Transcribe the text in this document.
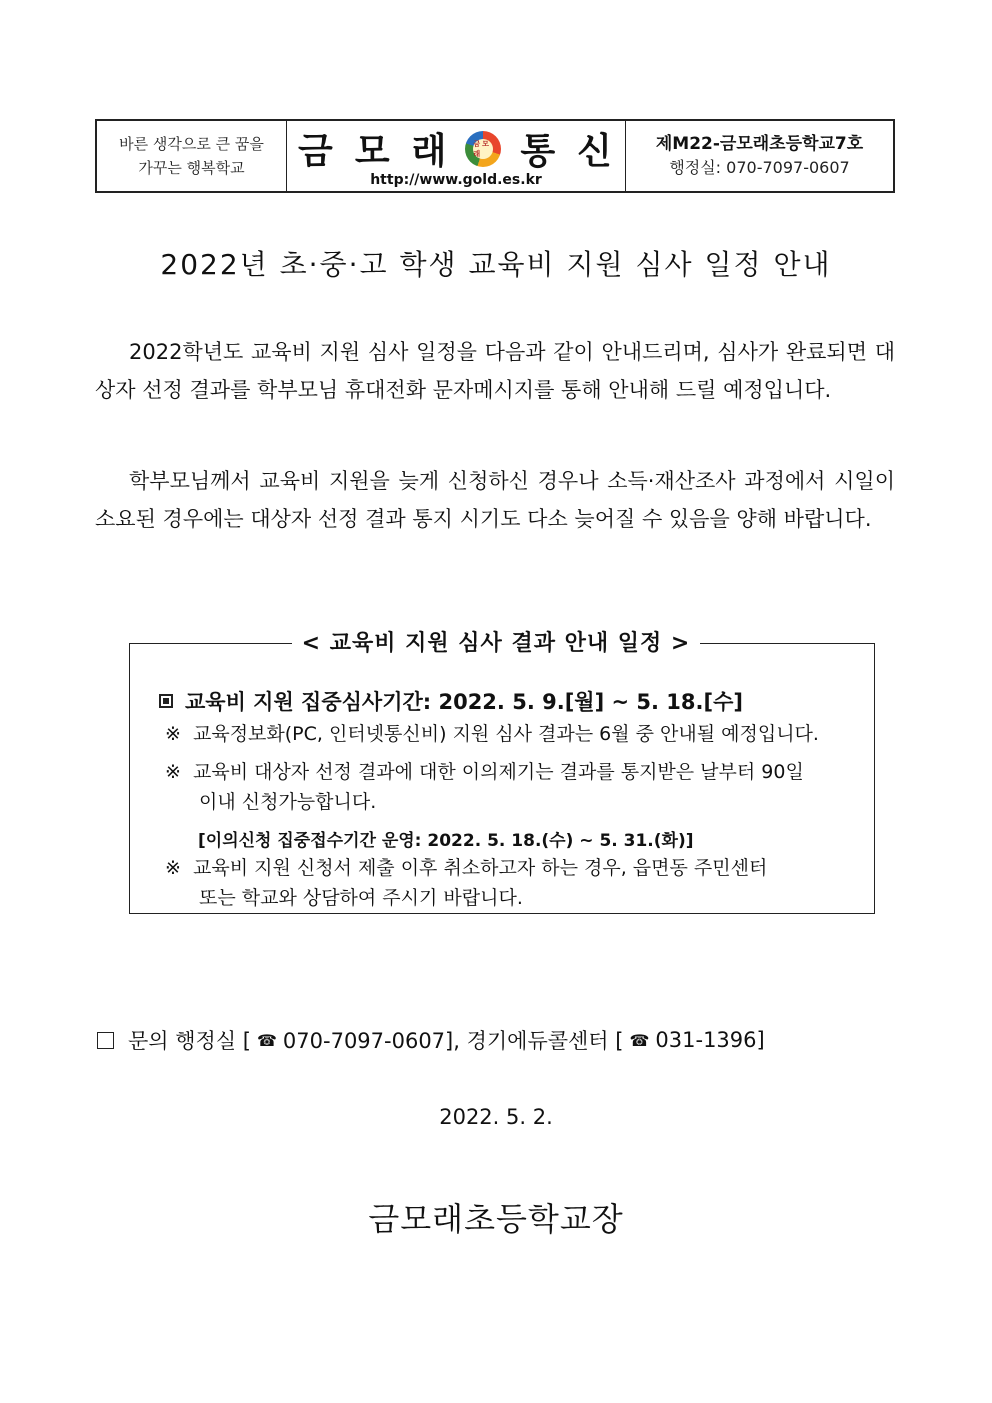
바른 생각으로 큰 꿈을
가꾸는 행복학교 금 모 래	금모래	통 신
http://www.gold.es.kr
제M22-금모래초등학교7호
행정실: 070-7097-0607
2022년 초·중·고 학생 교육비 지원 심사 일정 안내
2022학년도 교육비 지원 심사 일정을 다음과 같이 안내드리며, 심사가 완료되면 대상자 선정 결과를 학부모님 휴대전화 문자메시지를 통해 안내해 드릴 예정입니다.
학부모님께서 교육비 지원을 늦게 신청하신 경우나 소득·재산조사 과정에서 시일이 소요된 경우에는 대상자 선정 결과 통지 시기도 다소 늦어질 수 있음을 양해 바랍니다.
< 교육비 지원 심사 결과 안내 일정 >
교육비 지원 집중심사기간: 2022. 5. 9.[월] ~ 5. 18.[수]
※ 교육정보화(PC, 인터넷통신비) 지원 심사 결과는 6월 중 안내될 예정입니다.
※ 교육비 대상자 선정 결과에 대한 이의제기는 결과를 통지받은 날부터 90일
이내 신청가능합니다.
[이의신청 집중접수기간 운영: 2022. 5. 18.(수) ~ 5. 31.(화)]
※ 교육비 지원 신청서 제출 이후 취소하고자 하는 경우, 읍면동 주민센터
또는 학교와 상담하여 주시기 바랍니다.
문의 행정실 [ ☎ 070-7097-0607], 경기에듀콜센터 [ ☎ 031-1396]
2022. 5. 2.
금모래초등학교장
